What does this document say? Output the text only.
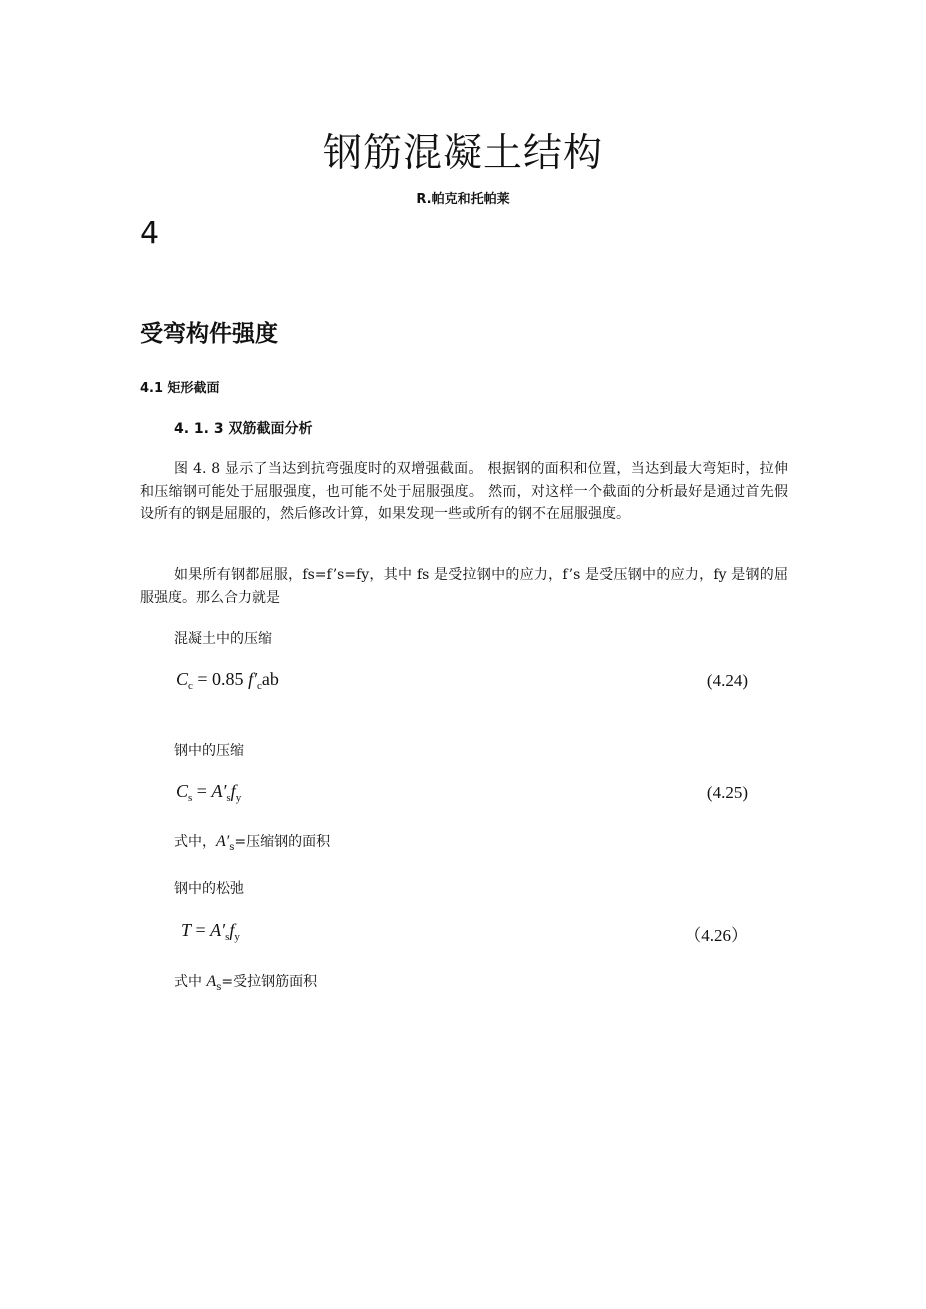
钢筋混凝土结构
R.帕克和托帕莱
4
受弯构件强度
4.1 矩形截面
4. 1. 3 双筋截面分析

图 4. 8 显示了当达到抗弯强度时的双增强截面。 根据钢的面积和位置，当达到最大弯矩时，拉伸和压缩钢可能处于屈服强度，也可能不处于屈服强度。 然而，对这样一个截面的分析最好是通过首先假设所有的钢是屈服的，然后修改计算，如果发现一些或所有的钢不在屈服强度。

如果所有钢都屈服，fs=f’s=fy，其中 fs 是受拉钢中的应力，f’s 是受压钢中的应力，fy 是钢的屈服强度。那么合力就是

混凝土中的压缩
$C_c = 0.85$ $f'_cab$	(4.24)
钢中的压缩
$C_s = A'_sf_y$	(4.25)
式中，$A'_s=$压缩钢的面积
钢中的松弛
$T = A'_sf_y$	（4.26）
式中 $A_s=$受拉钢筋面积
